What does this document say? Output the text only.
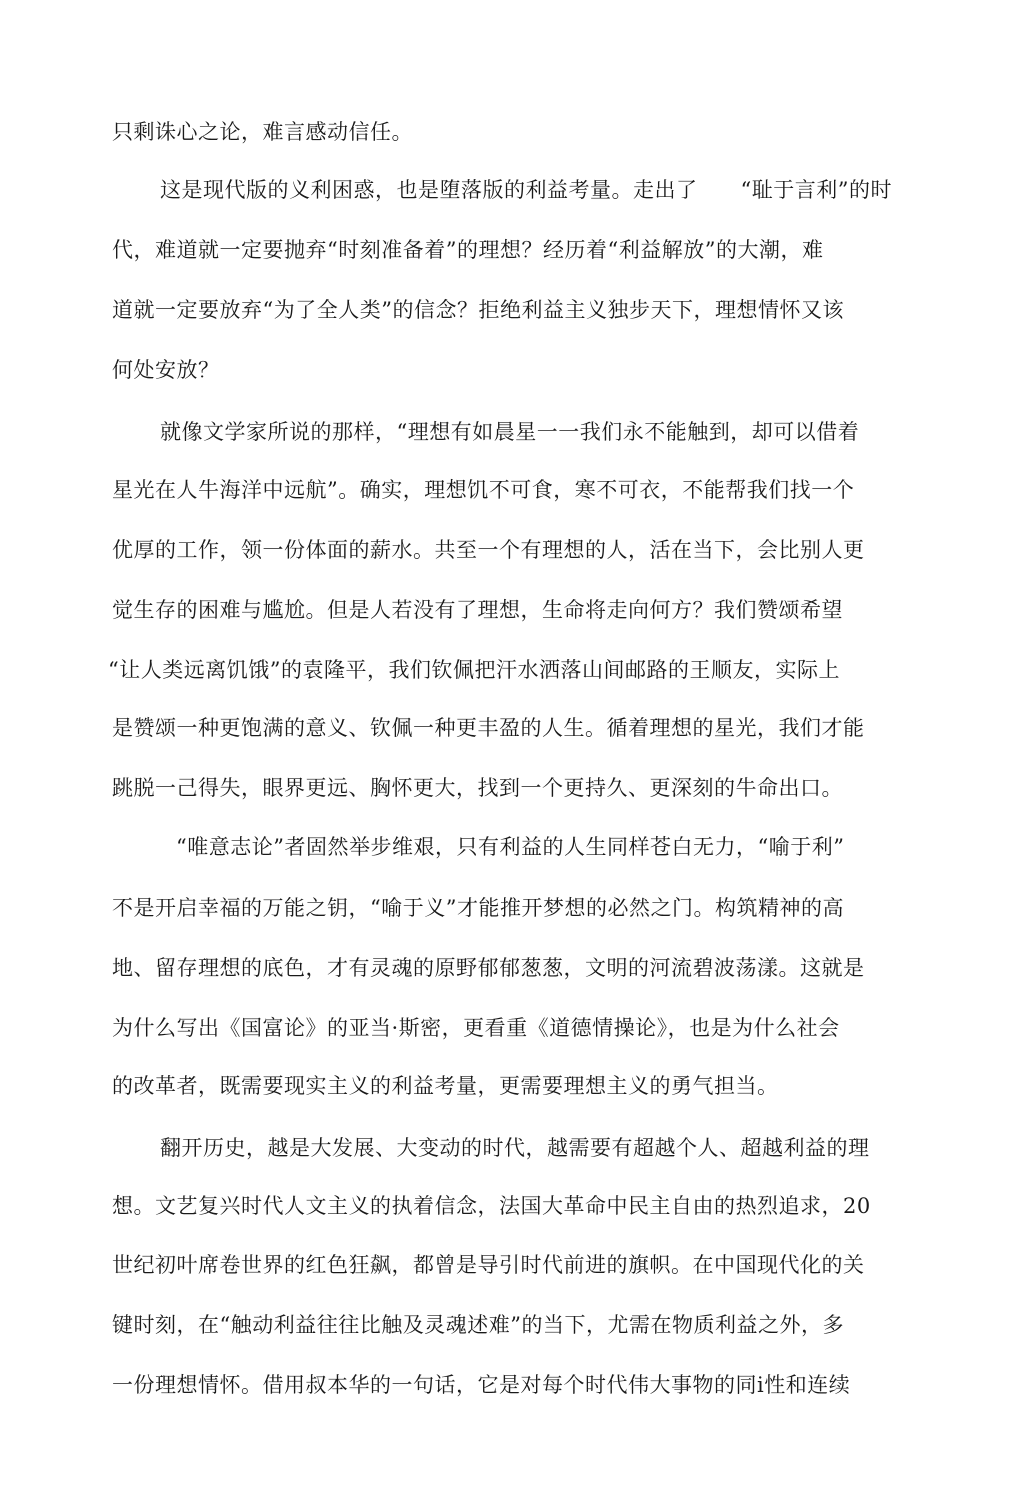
只剩诛心之论，难言感动信任。
这是现代版的义利困惑，也是堕落版的利益考量。走出了　　“耻于言利”的时
代，难道就一定要抛弃“时刻准备着”的理想？经历着“利益解放”的大潮，难
道就一定要放弃“为了全人类”的信念？拒绝利益主义独步天下，理想情怀又该
何处安放？
就像文学家所说的那样，“理想有如晨星一一我们永不能触到，却可以借着
星光在人牛海洋中远航”。确实，理想饥不可食，寒不可衣，不能帮我们找一个
优厚的工作，领一份体面的薪水。共至一个有理想的人，活在当下，会比别人更
觉生存的困难与尴尬。但是人若没有了理想，生命将走向何方？我们赞颂希望
“让人类远离饥饿”的袁隆平，我们钦佩把汗水洒落山间邮路的王顺友，实际上
是赞颂一种更饱满的意义、钦佩一种更丰盈的人生。循着理想的星光，我们才能
跳脱一己得失，眼界更远、胸怀更大，找到一个更持久、更深刻的牛命出口。
“唯意志论”者固然举步维艰，只有利益的人生同样苍白无力，“喻于利”
不是开启幸福的万能之钥，“喻于义”才能推开梦想的必然之门。构筑精神的高
地、留存理想的底色，才有灵魂的原野郁郁葱葱，文明的河流碧波荡漾。这就是
为什么写出《国富论》的亚当·斯密，更看重《道德情操论》，也是为什么社会
的改革者，既需要现实主义的利益考量，更需要理想主义的勇气担当。
翻开历史，越是大发展、大变动的时代，越需要有超越个人、超越利益的理
想。文艺复兴时代人文主义的执着信念，法国大革命中民主自由的热烈追求，20
世纪初叶席卷世界的红色狂飙，都曾是导引时代前进的旗帜。在中国现代化的关
键时刻，在“触动利益往往比触及灵魂述难”的当下，尤需在物质利益之外，多
一份理想情怀。借用叔本华的一句话，它是对每个时代伟大事物的同i性和连续
